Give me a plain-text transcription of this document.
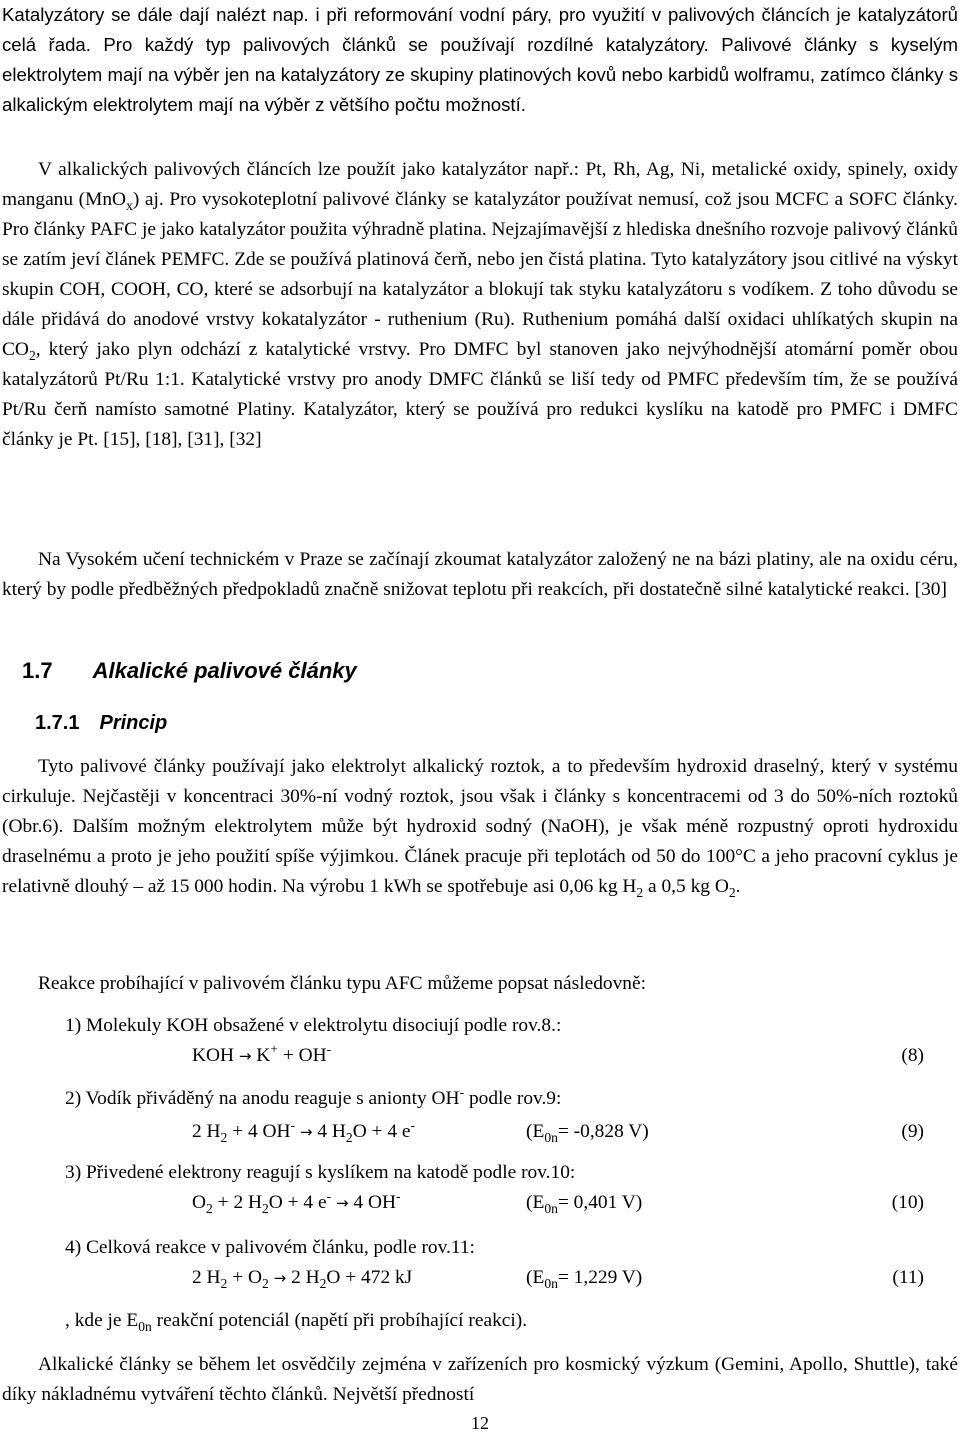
Katalyzátory se dále dají nalézt nap. i při reformování vodní páry, pro využití v palivových článcích je katalyzátorů celá řada. Pro každý typ palivových článků se používají rozdílné katalyzátory. Palivové články s kyselým elektrolytem mají na výběr jen na katalyzátory ze skupiny platinových kovů nebo karbidů wolframu, zatímco články s alkalickým elektrolytem mají na výběr z většího počtu možností.
V alkalických palivových článcích lze použít jako katalyzátor např.: Pt, Rh, Ag, Ni, metalické oxidy, spinely, oxidy manganu (MnO$_x$) aj. Pro vysokoteplotní palivové články se katalyzátor používat nemusí, což jsou MCFC a SOFC články. Pro články PAFC je jako katalyzátor použita výhradně platina. Nejzajímavější z hlediska dnešního rozvoje palivový článků se zatím jeví článek PEMFC. Zde se používá platinová čerň, nebo jen čistá platina. Tyto katalyzátory jsou citlivé na výskyt skupin COH, COOH, CO, které se adsorbují na katalyzátor a blokují tak styku katalyzátoru s vodíkem. Z toho důvodu se dále přidává do anodové vrstvy kokatalyzátor - ruthenium (Ru). Ruthenium pomáhá další oxidaci uhlíkatých skupin na $CO_2$, který jako plyn odchází z katalytické vrstvy. Pro DMFC byl stanoven jako nejvýhodnější atomární poměr obou katalyzátorů Pt/Ru 1:1. Katalytické vrstvy pro anody DMFC článků se liší tedy od PMFC především tím, že se používá Pt/Ru čerň namísto samotné Platiny. Katalyzátor, který se používá pro redukci kyslíku na katodě pro PMFC i DMFC články je Pt. [15], [18], [31], [32]
Na Vysokém učení technickém v Praze se začínají zkoumat katalyzátor založený ne na bázi platiny, ale na oxidu céru, který by podle předběžných předpokladů značně snižovat teplotu při reakcích, při dostatečně silné katalytické reakci. [30]
1.7 Alkalické palivové články
1.7.1 Princip
Tyto palivové články používají jako elektrolyt alkalický roztok, a to především hydroxid draselný, který v systému cirkuluje. Nejčastěji v koncentraci 30%-ní vodný roztok, jsou však i články s koncentracemi od 3 do 50%-ních roztoků (Obr.6). Dalším možným elektrolytem může být hydroxid sodný (NaOH), je však méně rozpustný oproti hydroxidu draselnému a proto je jeho použití spíše výjimkou. Článek pracuje při teplotách od 50 do 100°C a jeho pracovní cyklus je relativně dlouhý – až 15 000 hodin. Na výrobu 1 kWh se spotřebuje asi 0,06 kg $H_2$ a 0,5 kg $O_2$.
Reakce probíhající v palivovém článku typu AFC můžeme popsat následovně:
1) Molekuly KOH obsažené v elektrolytu disociují podle rov.8.:
KOH → K+ + OH-	(8)
2) Vodík přiváděný na anodu reaguje s anionty OH- podle rov.9:
2 $H_2 + 4$ OH- → 4 $H_2O + 4$ e-	($E_{0n}= -0,828$ V)	(9)
3) Přivedené elektrony reagují s kyslíkem na katodě podle rov.10:
$O_2 + 2$ $H_2O + 4$ e- → 4 OH-	($E_{0n}= 0,401$ V)	(10)
4) Celková reakce v palivovém článku, podle rov.11:
2 $H_2 + O_2 \to 2$ $H_2O + 472$ kJ	($E_{0n}= 1,229$ V)	(11)
, kde je $E_{0n}$ reakční potenciál (napětí při probíhající reakci).
Alkalické články se během let osvědčily zejména v zařízeních pro kosmický výzkum (Gemini, Apollo, Shuttle), také díky nákladnému vytváření těchto článků. Největší předností
12
